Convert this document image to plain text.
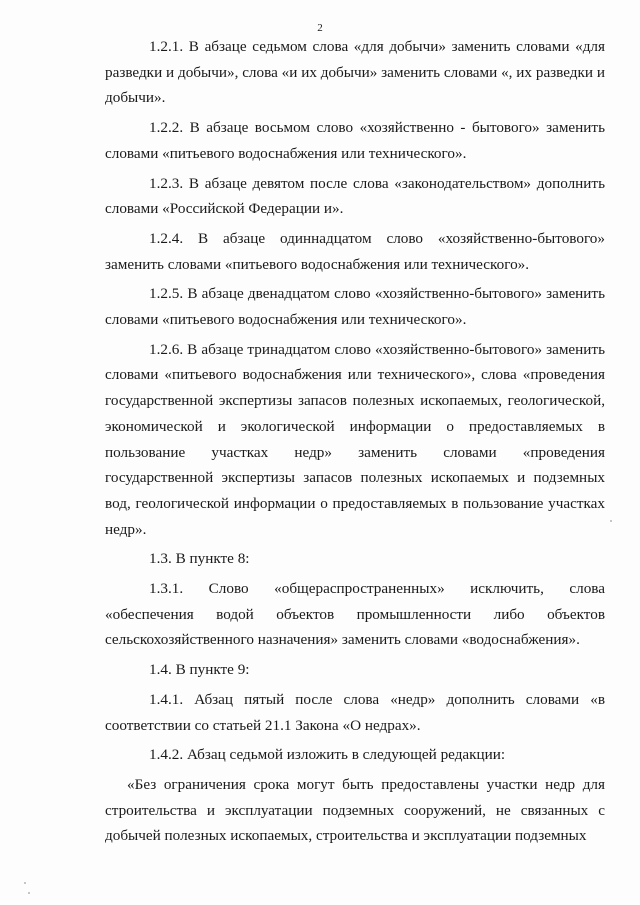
2

1.2.1. В абзаце седьмом слова «для добычи» заменить словами «для разведки и добычи», слова «и их добычи» заменить словами «, их разведки и добычи».

1.2.2. В абзаце восьмом слово «хозяйственно - бытового» заменить словами «питьевого водоснабжения или технического».

1.2.3. В абзаце девятом после слова «законодательством» дополнить словами «Российской Федерации и».

1.2.4. В абзаце одиннадцатом слово «хозяйственно-бытового» заменить словами «питьевого водоснабжения или технического».

1.2.5. В абзаце двенадцатом слово «хозяйственно-бытового» заменить словами «питьевого водоснабжения или технического».

1.2.6. В абзаце тринадцатом слово «хозяйственно-бытового» заменить словами «питьевого водоснабжения или технического», слова «проведения государственной экспертизы запасов полезных ископаемых, геологической, экономической и экологической информации о предоставляемых в пользование участках недр» заменить словами «проведения государственной экспертизы запасов полезных ископаемых и подземных вод, геологической информации о предоставляемых в пользование участках недр».

1.3. В пункте 8:

1.3.1. Слово «общераспространенных» исключить, слова «обеспечения водой объектов промышленности либо объектов сельскохозяйственного назначения» заменить словами «водоснабжения».

1.4. В пункте 9:

1.4.1. Абзац пятый после слова «недр» дополнить словами «в соответствии со статьей 21.1 Закона «О недрах».

1.4.2. Абзац седьмой изложить в следующей редакции:

«Без ограничения срока могут быть предоставлены участки недр для строительства и эксплуатации подземных сооружений, не связанных с добычей полезных ископаемых, строительства и эксплуатации подземных
